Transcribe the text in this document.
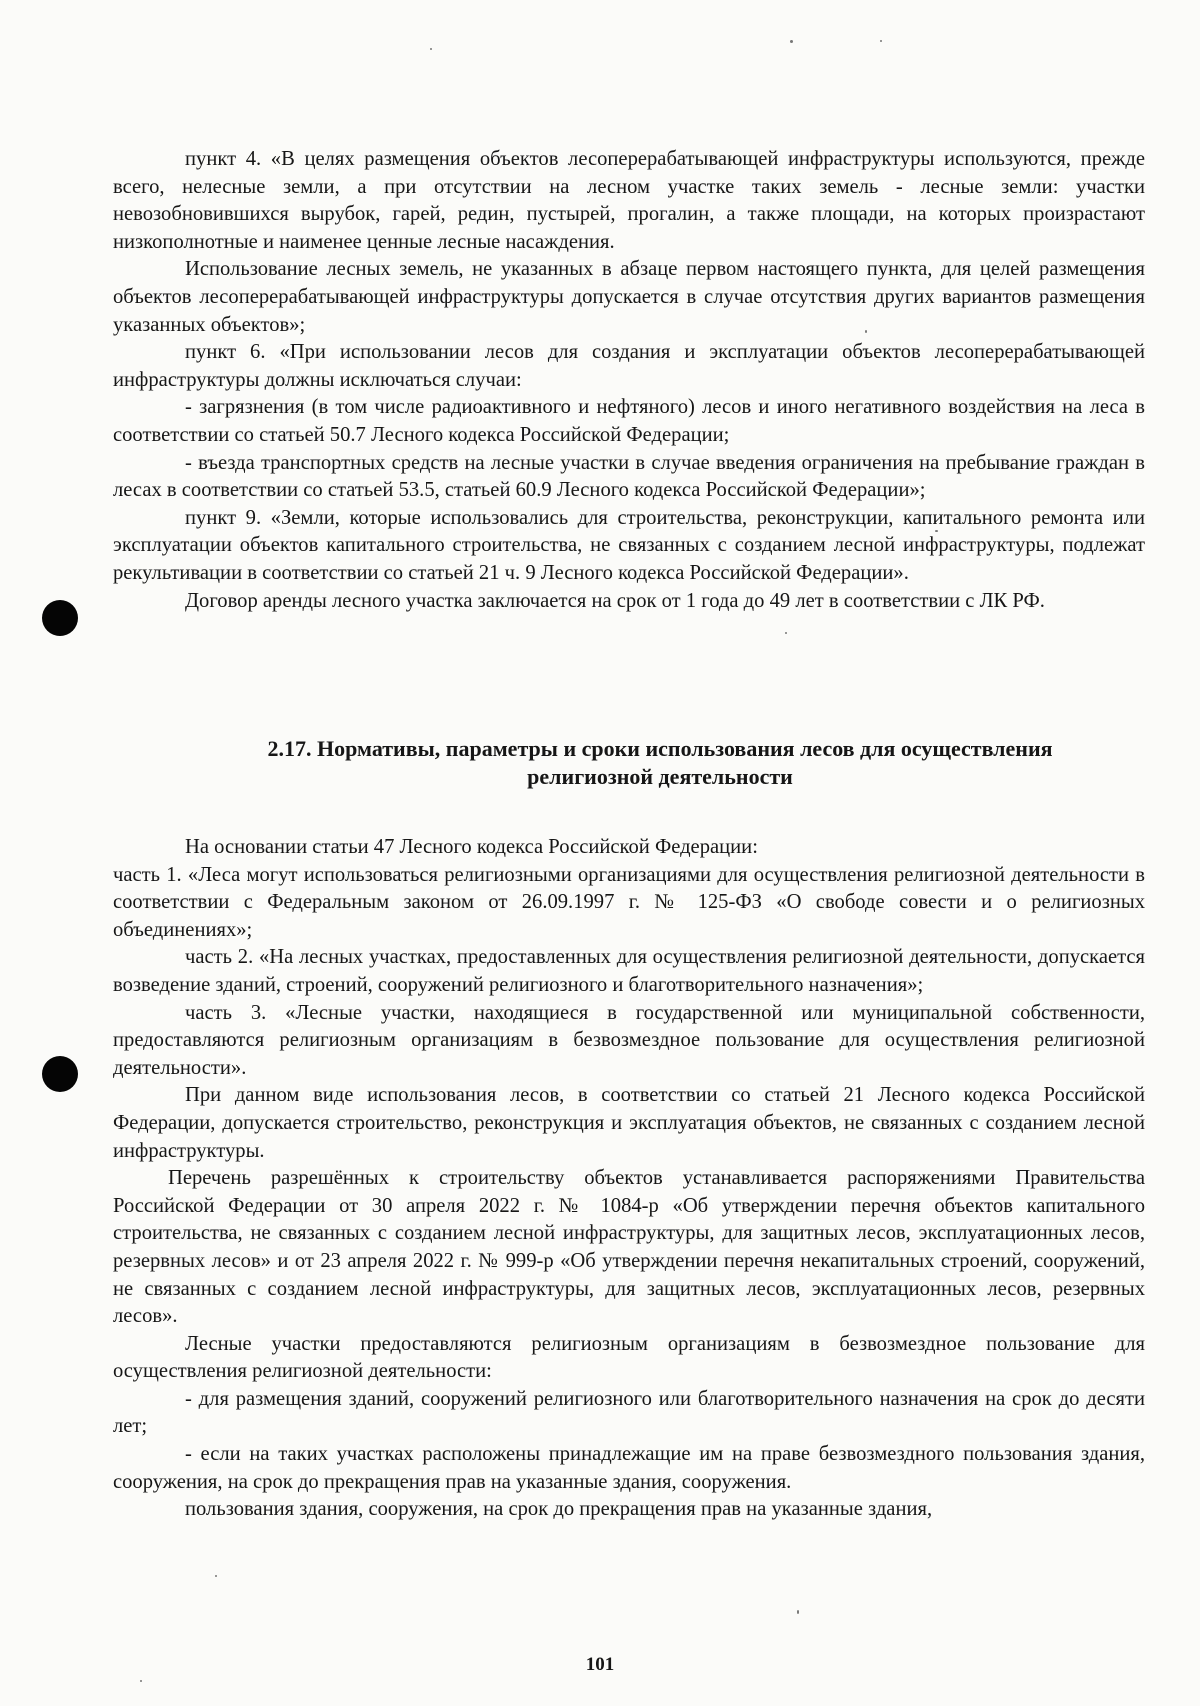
пункт 4. «В целях размещения объектов лесоперерабатывающей инфраструктуры используются, прежде всего, нелесные земли, а при отсутствии на лесном участке таких земель - лесные земли: участки невозобновившихся вырубок, гарей, редин, пустырей, прогалин, а также площади, на которых произрастают низкополнотные и наименее ценные лесные насаждения.

Использование лесных земель, не указанных в абзаце первом настоящего пункта, для целей размещения объектов лесоперерабатывающей инфраструктуры допускается в случае отсутствия других вариантов размещения указанных объектов»;

пункт 6. «При использовании лесов для создания и эксплуатации объектов лесоперерабатывающей инфраструктуры должны исключаться случаи:

- загрязнения (в том числе радиоактивного и нефтяного) лесов и иного негативного воздействия на леса в соответствии со статьей 50.7 Лесного кодекса Российской Федерации;

- въезда транспортных средств на лесные участки в случае введения ограничения на пребывание граждан в лесах в соответствии со статьей 53.5, статьей 60.9 Лесного кодекса Российской Федерации»;

пункт 9. «Земли, которые использовались для строительства, реконструкции, капитального ремонта или эксплуатации объектов капитального строительства, не связанных с созданием лесной инфраструктуры, подлежат рекультивации в соответствии со статьей 21 ч. 9 Лесного кодекса Российской Федерации».

Договор аренды лесного участка заключается на срок от 1 года до 49 лет в соответствии с ЛК РФ.

2.17. Нормативы, параметры и сроки использования лесов для осуществления
религиозной деятельности

На основании статьи 47 Лесного кодекса Российской Федерации:

часть 1. «Леса могут использоваться религиозными организациями для осуществления религиозной деятельности в соответствии с Федеральным законом от 26.09.1997 г. № 125-ФЗ «О свободе совести и о религиозных объединениях»;

часть 2. «На лесных участках, предоставленных для осуществления религиозной деятельности, допускается возведение зданий, строений, сооружений религиозного и благотворительного назначения»;

часть 3. «Лесные участки, находящиеся в государственной или муниципальной собственности, предоставляются религиозным организациям в безвозмездное пользование для осуществления религиозной деятельности».

При данном виде использования лесов, в соответствии со статьей 21 Лесного кодекса Российской Федерации, допускается строительство, реконструкция и эксплуатация объектов, не связанных с созданием лесной инфраструктуры.

Перечень разрешённых к строительству объектов устанавливается распоряжениями Правительства Российской Федерации от 30 апреля 2022 г. № 1084-р «Об утверждении перечня объектов капитального строительства, не связанных с созданием лесной инфраструктуры, для защитных лесов, эксплуатационных лесов, резервных лесов» и от 23 апреля 2022 г. № 999-р «Об утверждении перечня некапитальных строений, сооружений, не связанных с созданием лесной инфраструктуры, для защитных лесов, эксплуатационных лесов, резервных лесов».

Лесные участки предоставляются религиозным организациям в безвозмездное пользование для осуществления религиозной деятельности:

- для размещения зданий, сооружений религиозного или благотворительного назначения на срок до десяти лет;

- если на таких участках расположены принадлежащие им на праве безвозмездного пользования здания, сооружения, на срок до прекращения прав на указанные здания, сооружения.

пользования здания, сооружения, на срок до прекращения прав на указанные здания,

101
